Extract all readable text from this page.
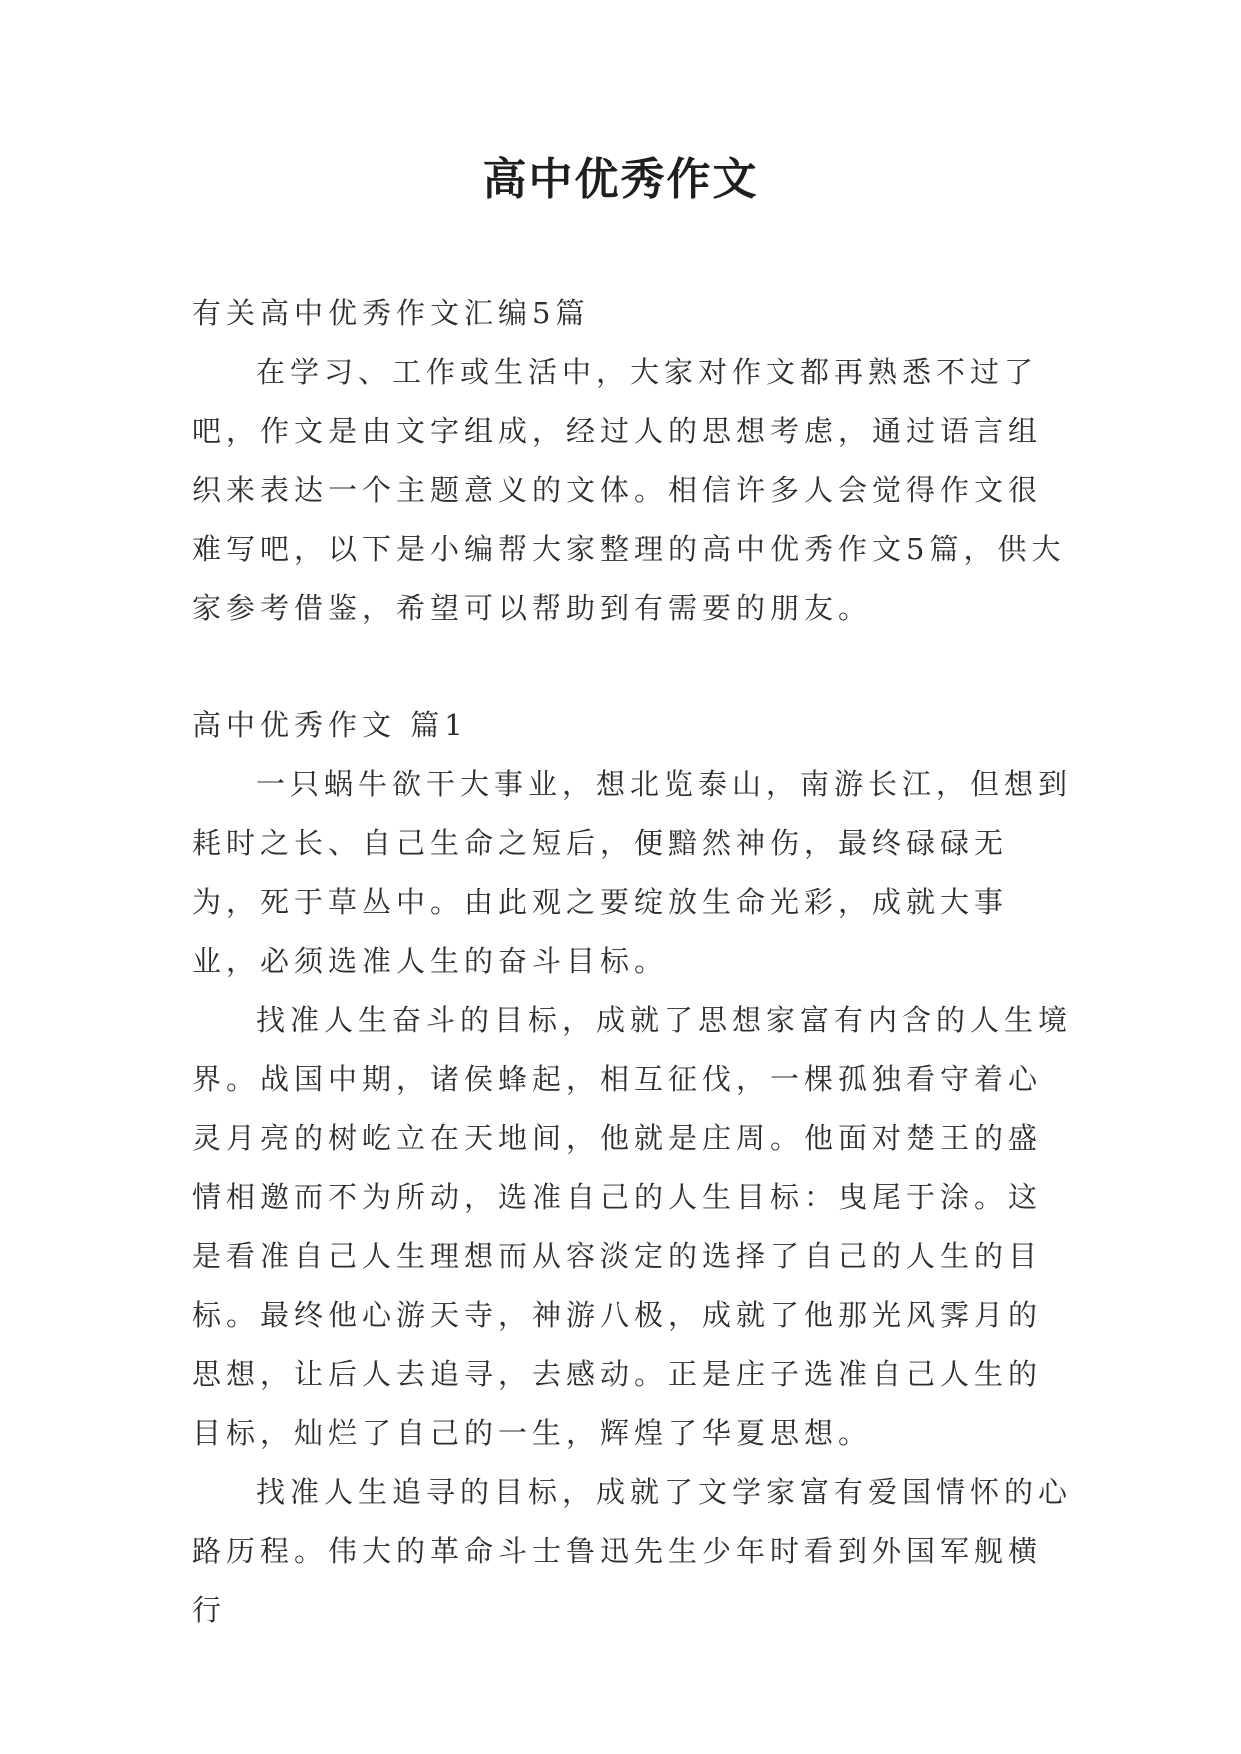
高中优秀作文
有关高中优秀作文汇编5篇

在学习、工作或生活中，大家对作文都再熟悉不过了吧，作文是由文字组成，经过人的思想考虑，通过语言组织来表达一个主题意义的文体。相信许多人会觉得作文很难写吧，以下是小编帮大家整理的高中优秀作文5篇，供大家参考借鉴，希望可以帮助到有需要的朋友。

高中优秀作文 篇1

一只蜗牛欲干大事业，想北览泰山，南游长江，但想到耗时之长、自己生命之短后，便黯然神伤，最终碌碌无为，死于草丛中。由此观之要绽放生命光彩，成就大事业，必须选准人生的奋斗目标。

找准人生奋斗的目标，成就了思想家富有内含的人生境界。战国中期，诸侯蜂起，相互征伐，一棵孤独看守着心灵月亮的树屹立在天地间，他就是庄周。他面对楚王的盛情相邀而不为所动，选准自己的人生目标：曳尾于涂。这是看准自己人生理想而从容淡定的选择了自己的人生的目标。最终他心游天寺，神游八极，成就了他那光风霁月的思想，让后人去追寻，去感动。正是庄子选准自己人生的目标，灿烂了自己的一生，辉煌了华夏思想。

找准人生追寻的目标，成就了文学家富有爱国情怀的心路历程。伟大的革命斗士鲁迅先生少年时看到外国军舰横行
